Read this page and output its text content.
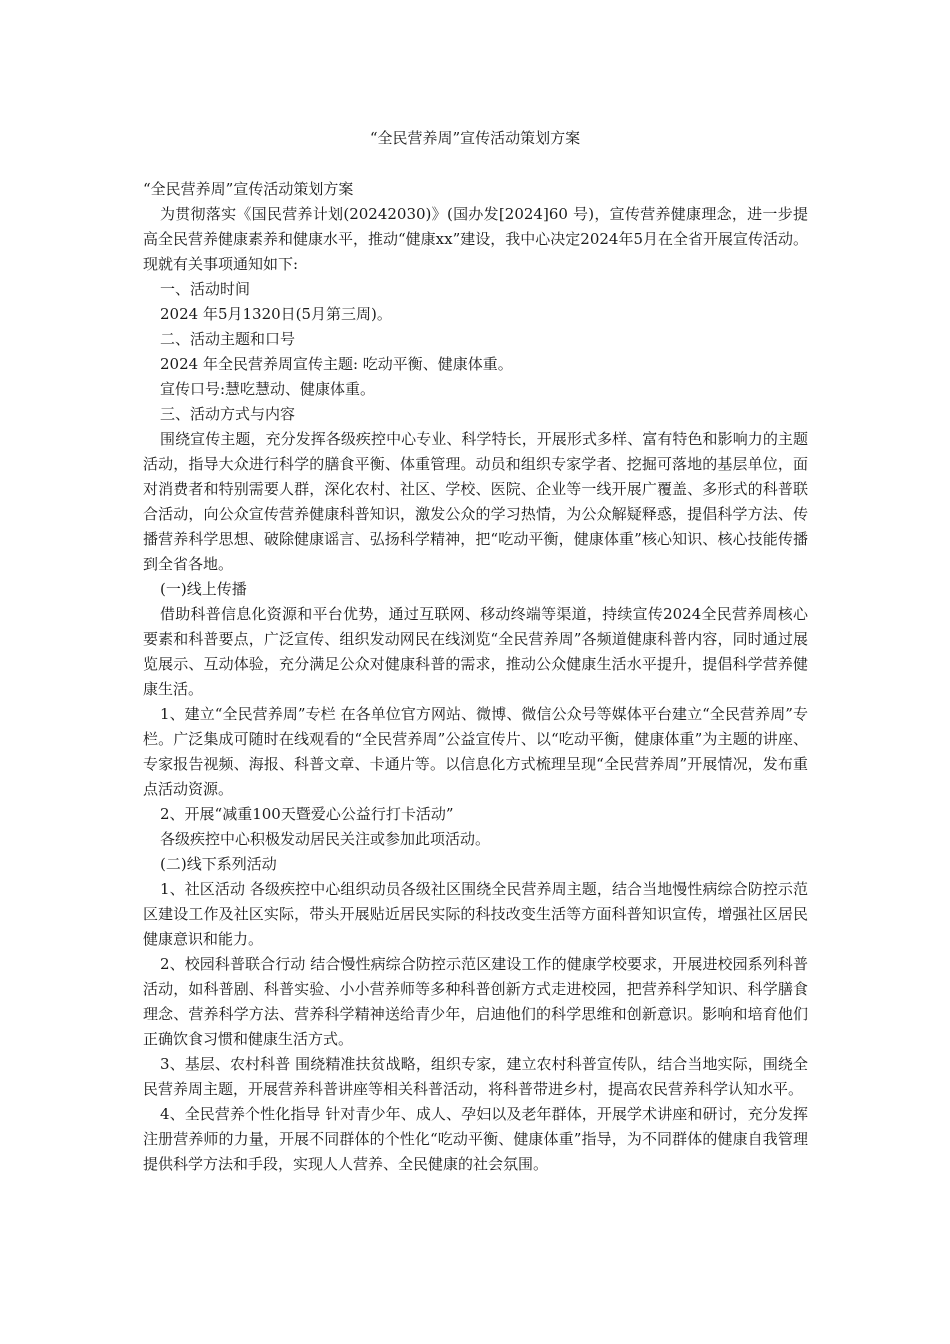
“全民营养周”宣传活动策划方案

“全民营养周”宣传活动策划方案

为贯彻落实《国民营养计划(20242030)》(国办发[2024]60 号)，宣传营养健康理念，进一步提高全民营养健康素养和健康水平，推动“健康xx”建设，我中心决定2024年5月在全省开展宣传活动。现就有关事项通知如下:

一、活动时间

2024 年5月1320日(5月第三周)。

二、活动主题和口号

2024 年全民营养周宣传主题: 吃动平衡、健康体重。

宣传口号:慧吃慧动、健康体重。

三、活动方式与内容

围绕宣传主题，充分发挥各级疾控中心专业、科学特长，开展形式多样、富有特色和影响力的主题活动，指导大众进行科学的膳食平衡、体重管理。动员和组织专家学者、挖掘可落地的基层单位，面对消费者和特别需要人群，深化农村、社区、学校、医院、企业等一线开展广覆盖、多形式的科普联合活动，向公众宣传营养健康科普知识，激发公众的学习热情，为公众解疑释惑，提倡科学方法、传播营养科学思想、破除健康谣言、弘扬科学精神，把“吃动平衡，健康体重”核心知识、核心技能传播到全省各地。

(一)线上传播

借助科普信息化资源和平台优势，通过互联网、移动终端等渠道，持续宣传2024全民营养周核心要素和科普要点，广泛宣传、组织发动网民在线浏览“全民营养周”各频道健康科普内容，同时通过展览展示、互动体验，充分满足公众对健康科普的需求，推动公众健康生活水平提升，提倡科学营养健康生活。

1、建立“全民营养周”专栏 在各单位官方网站、微博、微信公众号等媒体平台建立“全民营养周”专栏。广泛集成可随时在线观看的“全民营养周”公益宣传片、以“吃动平衡，健康体重”为主题的讲座、专家报告视频、海报、科普文章、卡通片等。以信息化方式梳理呈现“全民营养周”开展情况，发布重点活动资源。

2、开展“减重100天暨爱心公益行打卡活动”

各级疾控中心积极发动居民关注或参加此项活动。

(二)线下系列活动

1、社区活动 各级疾控中心组织动员各级社区围绕全民营养周主题，结合当地慢性病综合防控示范区建设工作及社区实际，带头开展贴近居民实际的科技改变生活等方面科普知识宣传，增强社区居民健康意识和能力。

2、校园科普联合行动 结合慢性病综合防控示范区建设工作的健康学校要求，开展进校园系列科普活动，如科普剧、科普实验、小小营养师等多种科普创新方式走进校园，把营养科学知识、科学膳食理念、营养科学方法、营养科学精神送给青少年，启迪他们的科学思维和创新意识。影响和培育他们正确饮食习惯和健康生活方式。

3、基层、农村科普 围绕精准扶贫战略，组织专家，建立农村科普宣传队，结合当地实际，围绕全民营养周主题，开展营养科普讲座等相关科普活动，将科普带进乡村，提高农民营养科学认知水平。

4、全民营养个性化指导 针对青少年、成人、孕妇以及老年群体，开展学术讲座和研讨，充分发挥注册营养师的力量，开展不同群体的个性化“吃动平衡、健康体重”指导，为不同群体的健康自我管理提供科学方法和手段，实现人人营养、全民健康的社会氛围。
